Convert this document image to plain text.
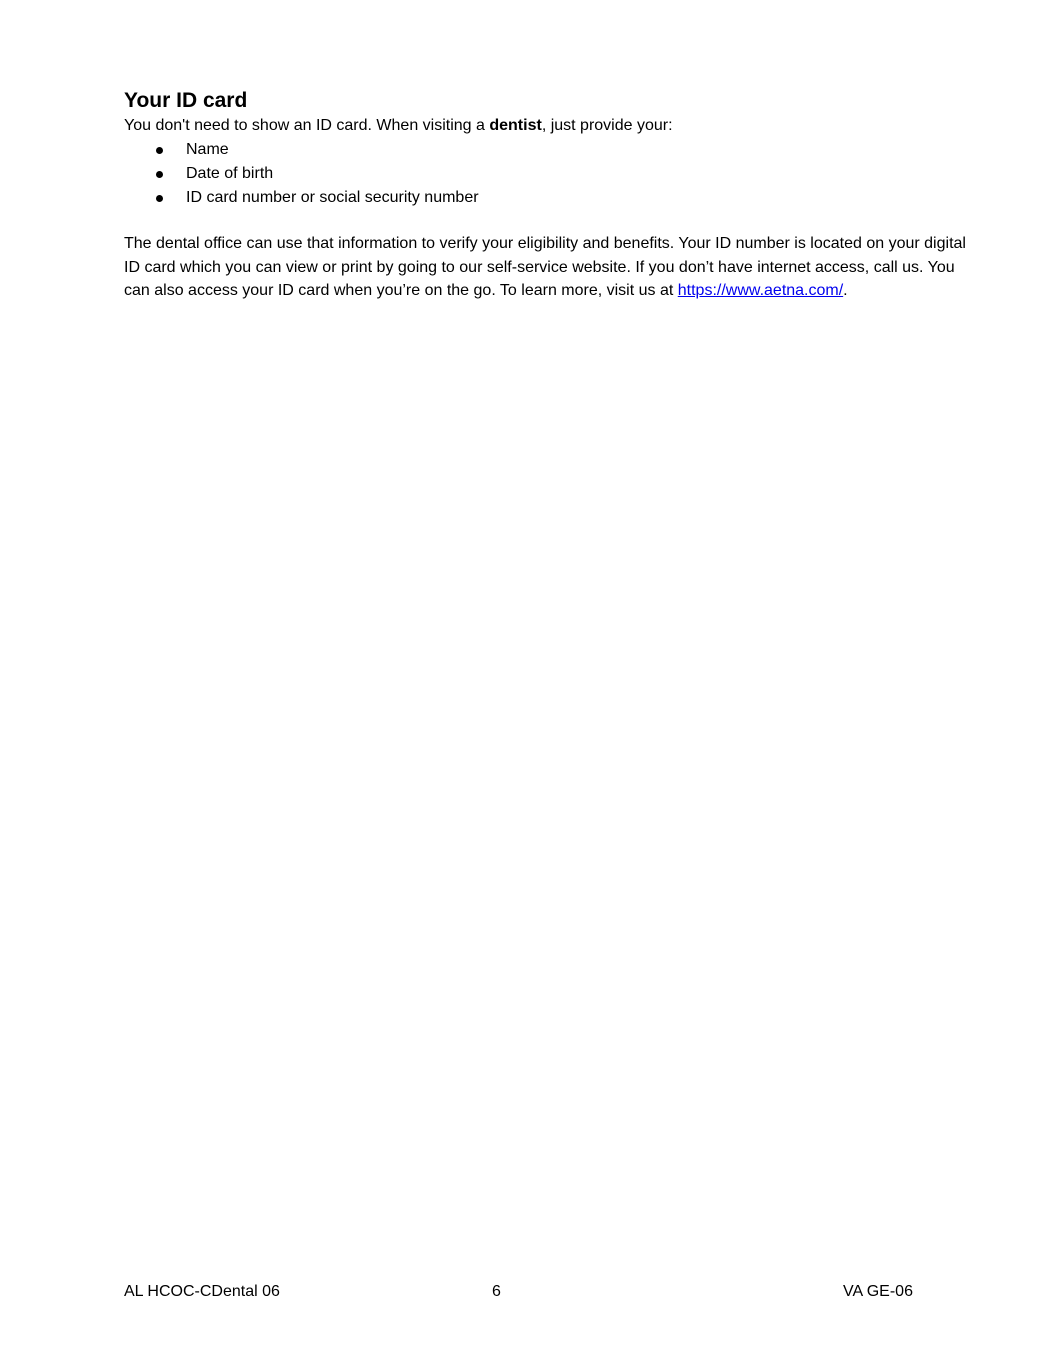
Your ID card

You don't need to show an ID card. When visiting a dentist, just provide your:

Name
Date of birth
ID card number or social security number

The dental office can use that information to verify your eligibility and benefits. Your ID number is located on your digital ID card which you can view or print by going to our self-service website. If you don’t have internet access, call us. You can also access your ID card when you’re on the go. To learn more, visit us at https://www.aetna.com/.

AL HCOC-CDental 06	6	VA GE-06
